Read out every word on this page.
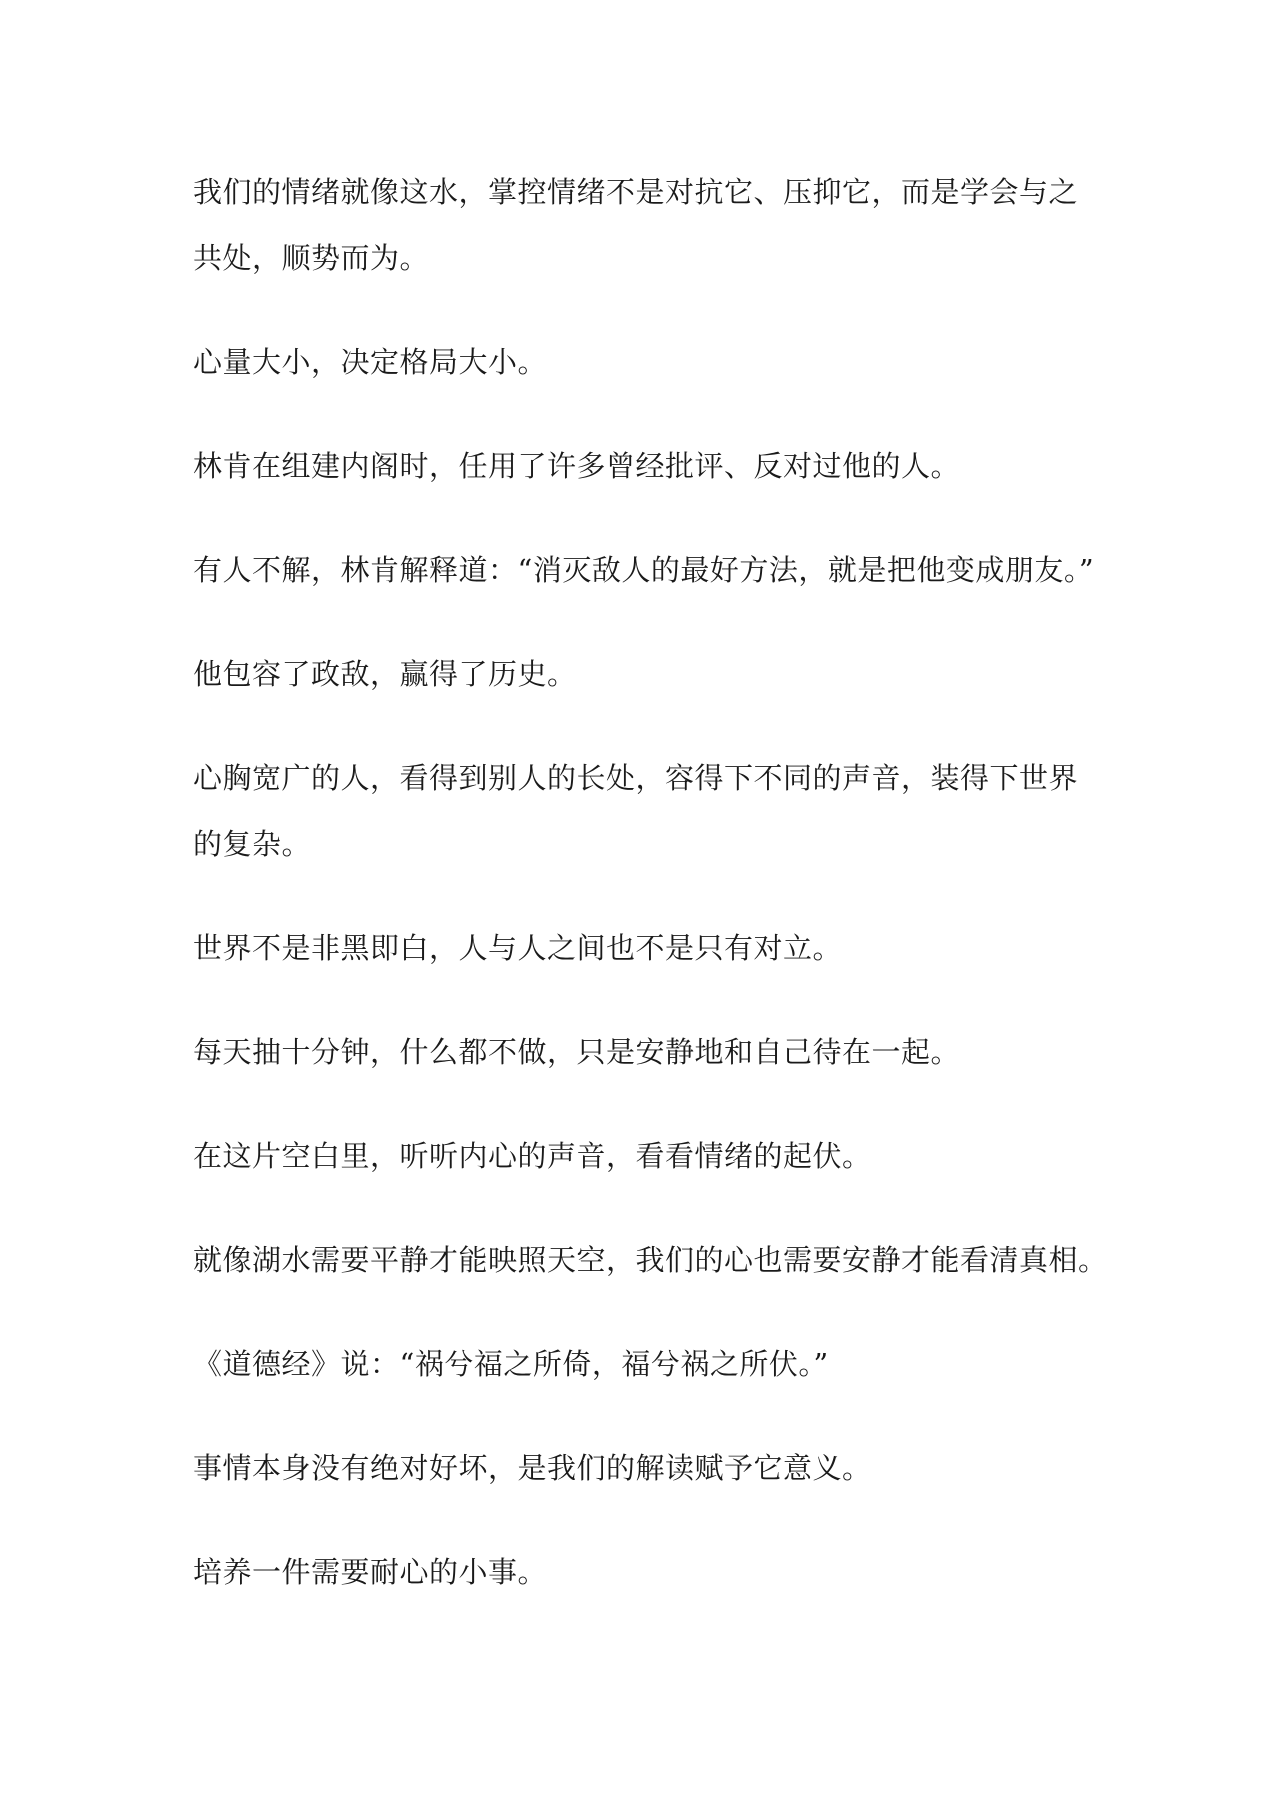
我们的情绪就像这水，掌控情绪不是对抗它、压抑它，而是学会与之
共处，顺势而为。

心量大小，决定格局大小。

林肯在组建内阁时，任用了许多曾经批评、反对过他的人。

有人不解，林肯解释道：“消灭敌人的最好方法，就是把他变成朋友。”

他包容了政敌，赢得了历史。

心胸宽广的人，看得到别人的长处，容得下不同的声音，装得下世界
的复杂。

世界不是非黑即白，人与人之间也不是只有对立。

每天抽十分钟，什么都不做，只是安静地和自己待在一起。

在这片空白里，听听内心的声音，看看情绪的起伏。

就像湖水需要平静才能映照天空，我们的心也需要安静才能看清真相。

《道德经》说：“祸兮福之所倚，福兮祸之所伏。”

事情本身没有绝对好坏，是我们的解读赋予它意义。

培养一件需要耐心的小事。
